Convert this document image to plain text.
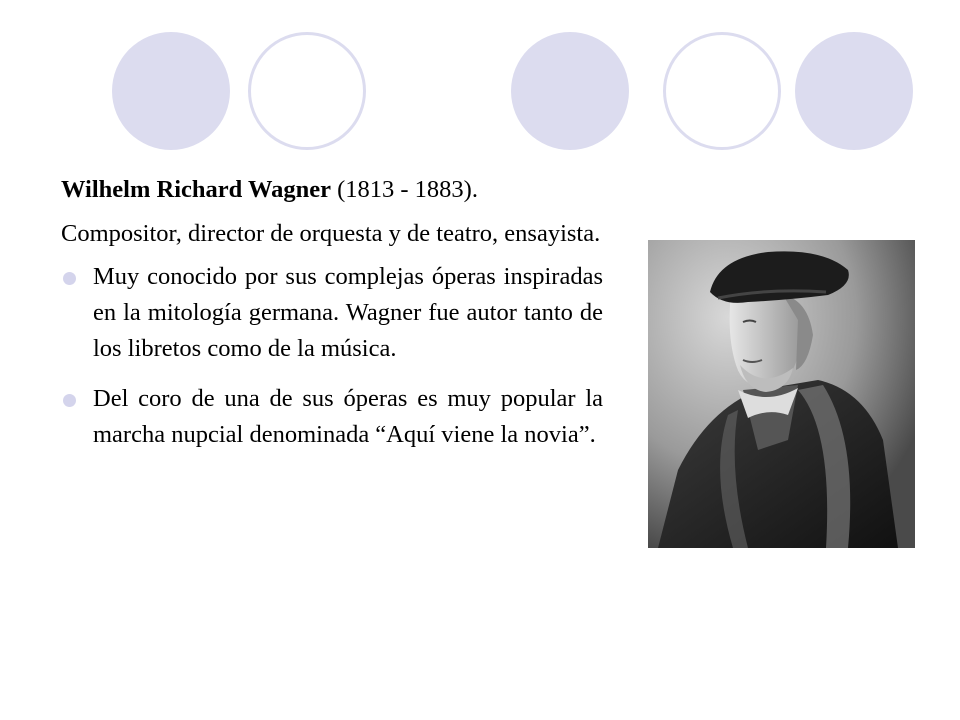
Wilhelm Richard Wagner (1813 - 1883).

Compositor, director de orquesta y de teatro, ensayista.

Muy conocido por sus complejas óperas inspiradas en la mitología germana. Wagner fue autor tanto de los libretos como de la música.
Del coro de una de sus óperas es muy popular la marcha nupcial denominada “Aquí viene la novia”.
